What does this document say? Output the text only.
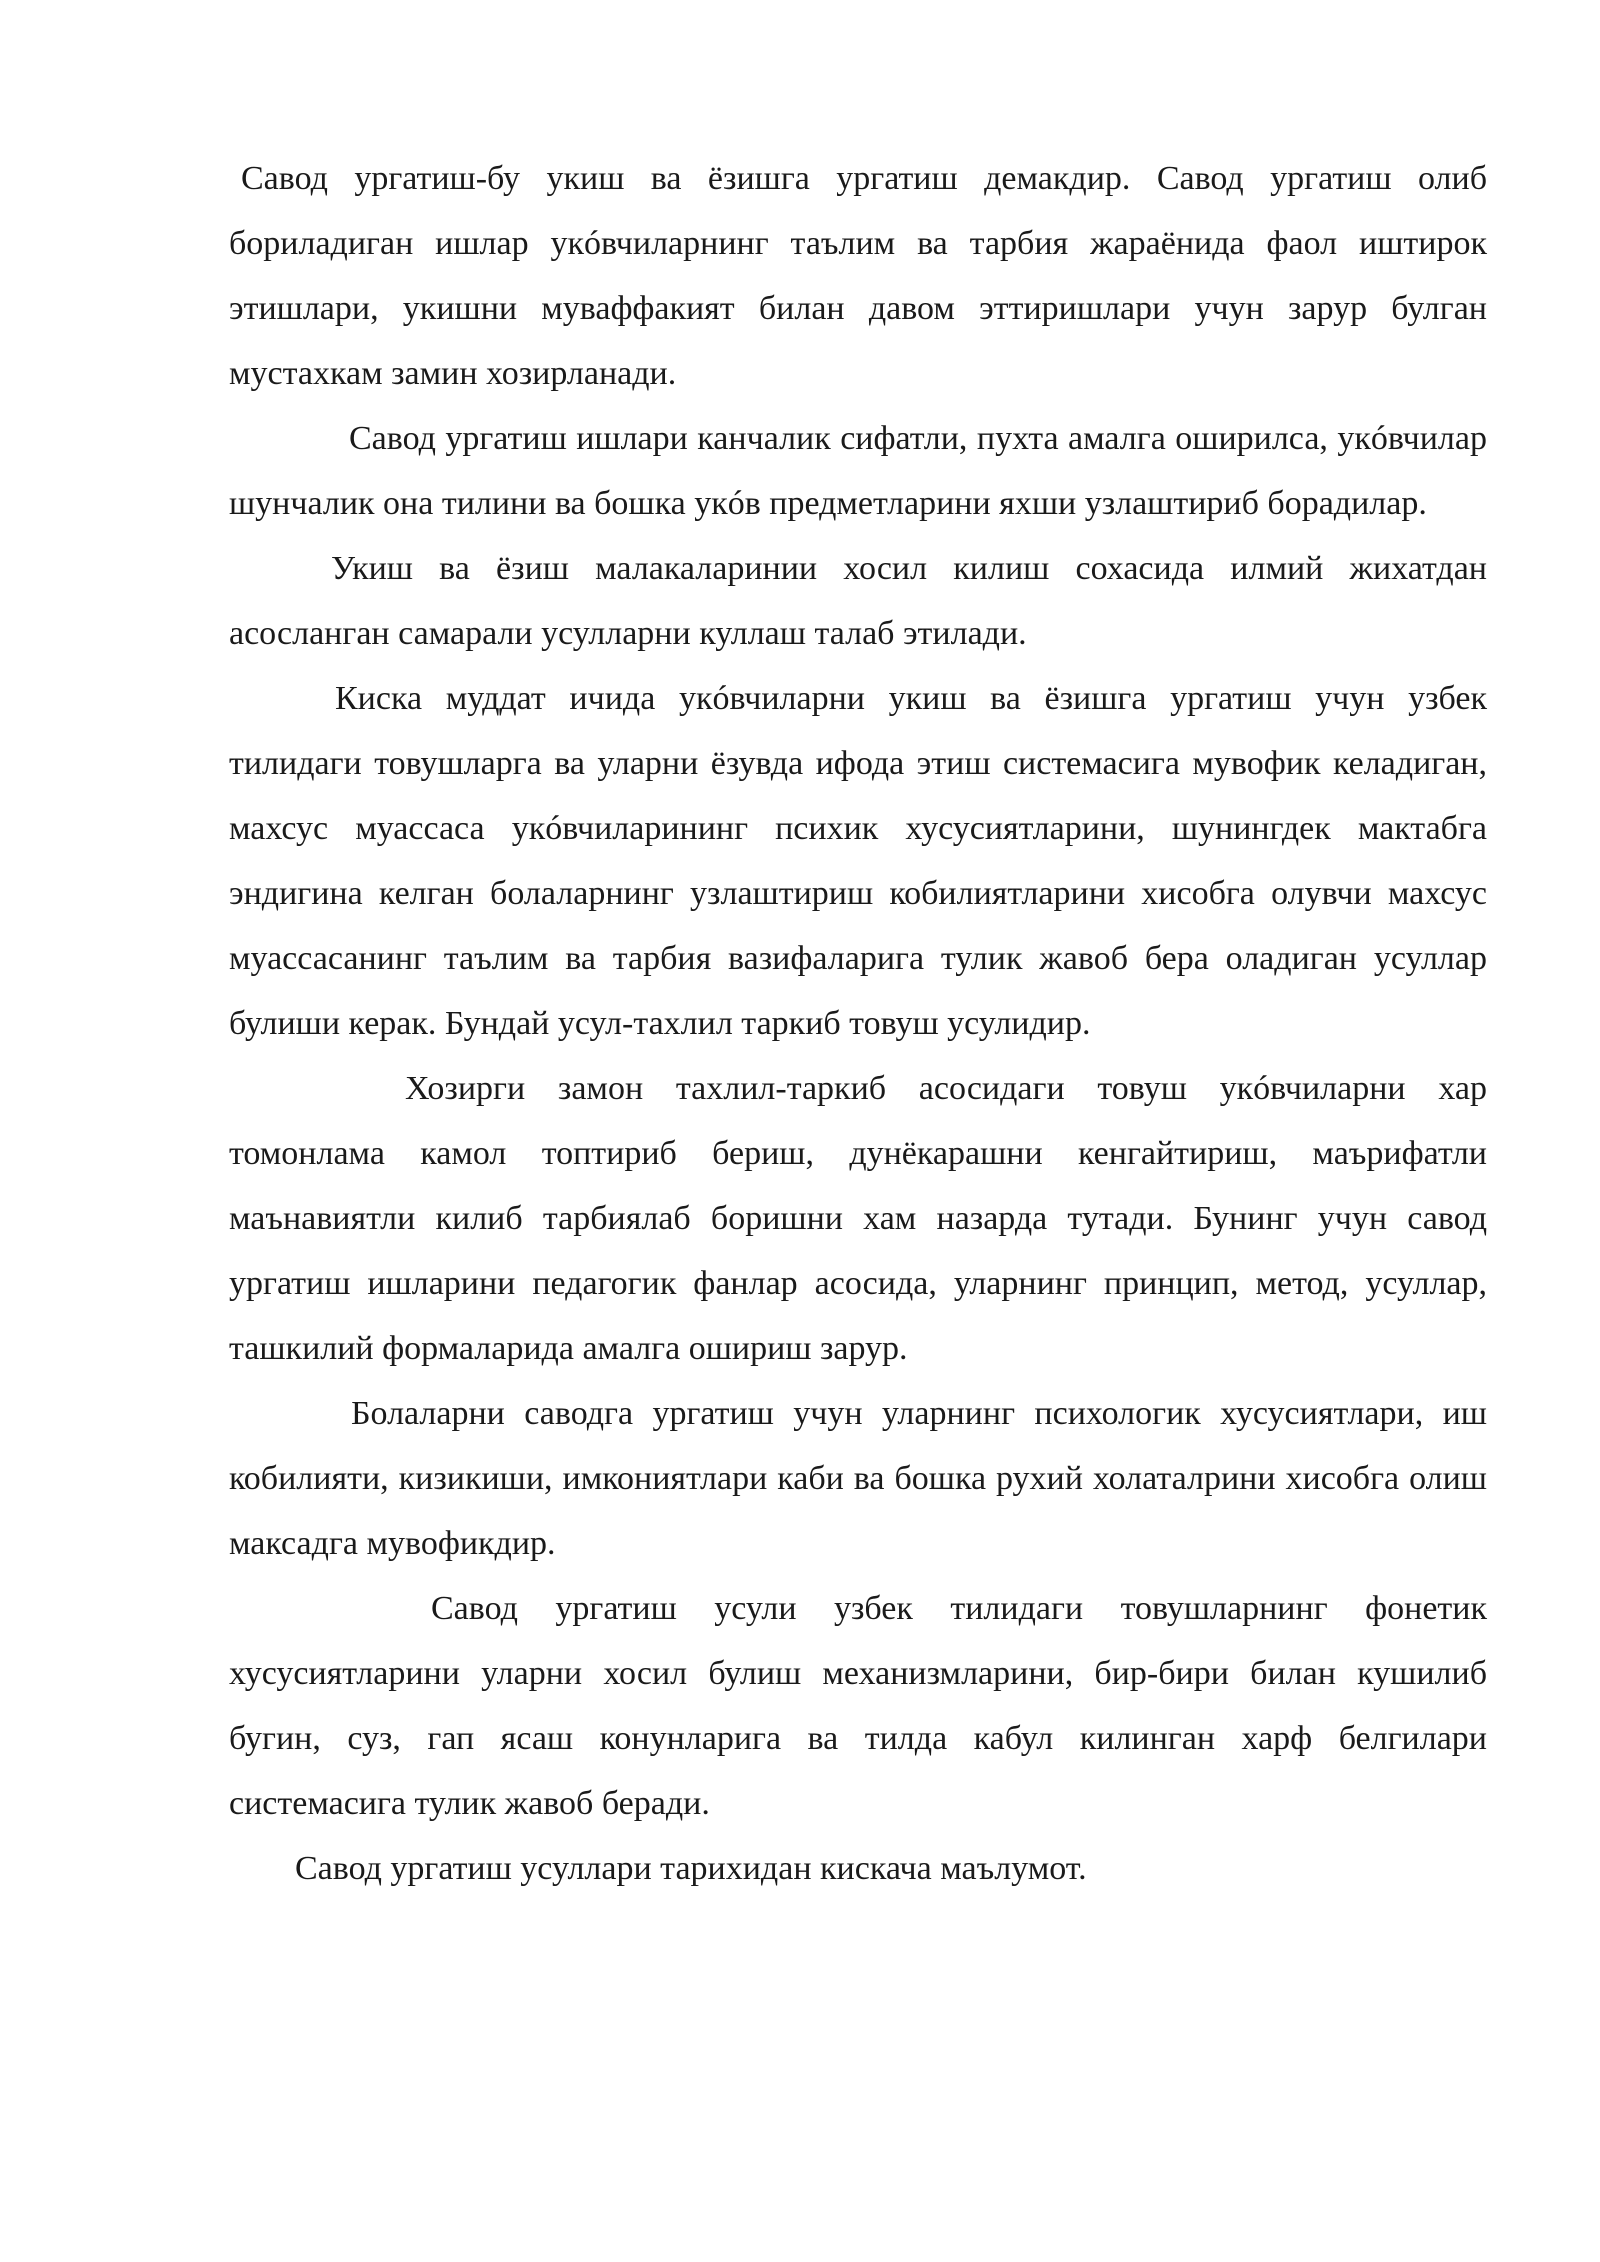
Савод ургатиш-бу укиш ва ёзишга ургатиш демакдир. Савод ургатиш олиб бориладиган ишлар укóвчиларнинг таълим ва тарбия жараёнида фаол иштирок этишлари, укишни муваффакият билан давом эттиришлари учун зарур булган мустахкам замин хозирланади.

Савод ургатиш ишлари канчалик сифатли, пухта амалга оширилса, укóвчилар шунчалик она тилини ва бошка укóв предметларини яхши узлаштириб борадилар.

Укиш ва ёзиш малакаларинии хосил килиш сохасида илмий жихатдан асосланган самарали усулларни куллаш талаб этилади.

Киска муддат ичида укóвчиларни укиш ва ёзишга ургатиш учун узбек тилидаги товушларга ва уларни ёзувда ифода этиш системасига мувофик келадиган, махсус муассаса укóвчиларининг психик хусусиятларини, шунингдек мактабга эндигина келган болаларнинг узлаштириш кобилиятларини хисобга олувчи махсус муассасанинг таълим ва тарбия вазифаларига тулик жавоб бера оладиган усуллар булиши керак. Бундай усул-тахлил таркиб товуш усулидир.

Хозирги замон тахлил-таркиб асосидаги товуш укóвчиларни хар томонлама камол топтириб бериш, дунёкарашни кенгайтириш, маърифатли маънавиятли килиб тарбиялаб боришни хам назарда тутади. Бунинг учун савод ургатиш ишларини педагогик фанлар асосида, уларнинг принцип, метод, усуллар, ташкилий формаларида амалга ошириш зарур.

Болаларни саводга ургатиш учун уларнинг психологик хусусиятлари, иш кобилияти, кизикиши, имкониятлари каби ва бошка рухий холаталрини хисобга олиш максадга мувофикдир.

Савод ургатиш усули узбек тилидаги товушларнинг фонетик хусусиятларини уларни хосил булиш механизмларини, бир-бири билан кушилиб бугин, суз, гап ясаш конунларига ва тилда кабул килинган харф белгилари системасига тулик жавоб беради.

Савод ургатиш усуллари тарихидан кискача маълумот.
